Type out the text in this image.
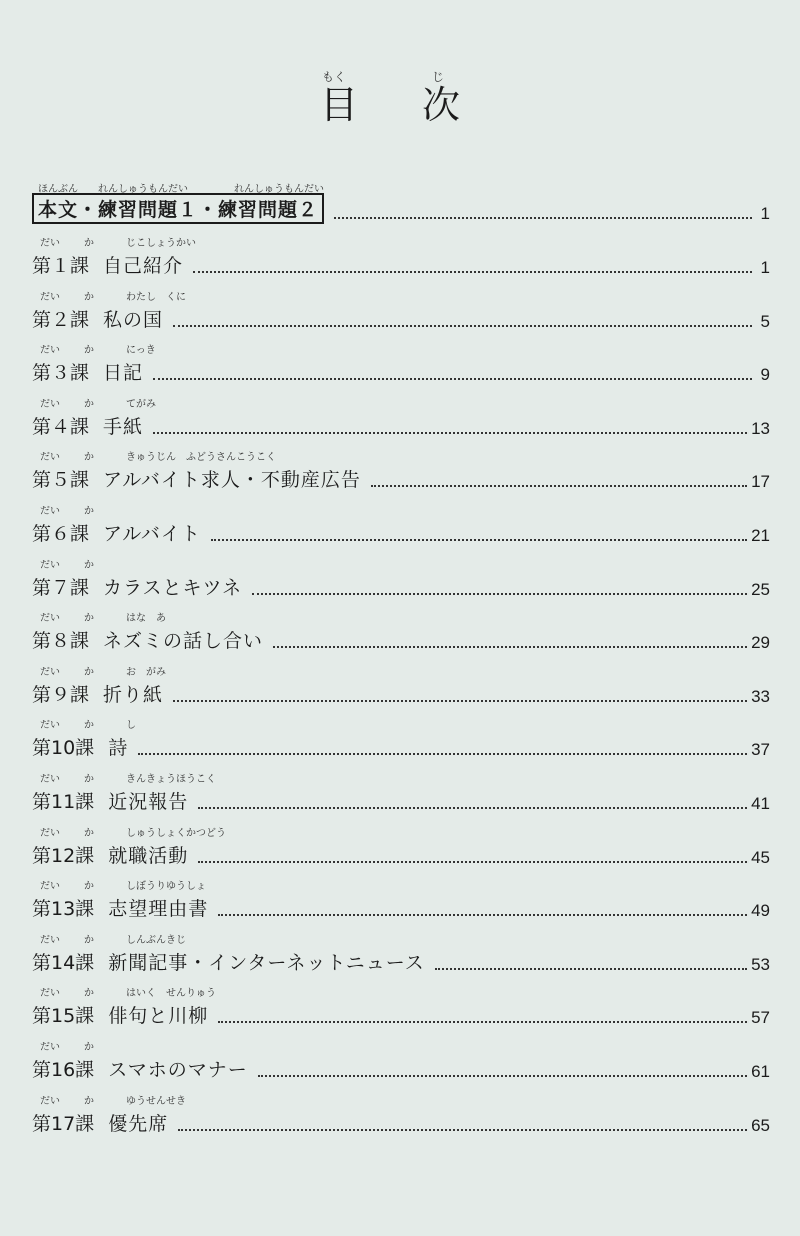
もく	じ
目 次
ほんぶん れんしゅうもんだい	れんしゅうもんだい
本文・練習問題１・練習問題２	1
だい か	じこしょうかい
第１課 自己紹介	1
だい か	わたし　くに
第２課 私の国	5
だい か	にっき
第３課 日記	9
だい か	てがみ
第４課 手紙	13
だい か	きゅうじん　ふどうさんこうこく
第５課 アルバイト求人・不動産広告	17
だい か
第６課 アルバイト	21
だい か
第７課 カラスとキツネ	25
だい か	はな　あ
第８課 ネズミの話し合い	29
だい か	お　がみ
第９課 折り紙	33
だい か	し
第10課 詩	37
だい か	きんきょうほうこく
第11課 近況報告	41
だい か	しゅうしょくかつどう
第12課 就職活動	45
だい か	しぼうりゆうしょ
第13課 志望理由書	49
だい か	しんぶんきじ
第14課 新聞記事・インターネットニュース	53
だい か	はいく　せんりゅう
第15課 俳句と川柳	57
だい か
第16課 スマホのマナー	61
だい か	ゆうせんせき
第17課 優先席	65
